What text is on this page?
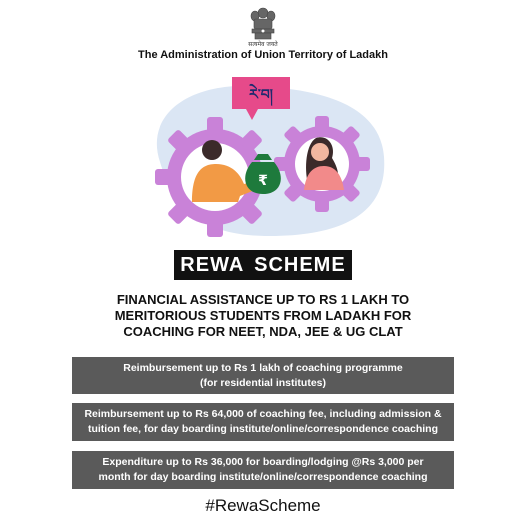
सत्यमेव जयते
The Administration of Union Territory of Ladakh
₹
རེ་བ།
REWA SCHEME
FINANCIAL ASSISTANCE UP TO RS 1 LAKH TO
MERITORIOUS STUDENTS FROM LADAKH FOR
COACHING FOR NEET, NDA, JEE & UG CLAT
Reimbursement up to Rs 1 lakh of coaching programme
(for residential institutes)
Reimbursement up to Rs 64,000 of coaching fee, including admission &
tuition fee, for day boarding institute/online/correspondence coaching
Expenditure up to Rs 36,000 for boarding/lodging @Rs 3,000 per
month for day boarding institute/online/correspondence coaching
#RewaScheme
